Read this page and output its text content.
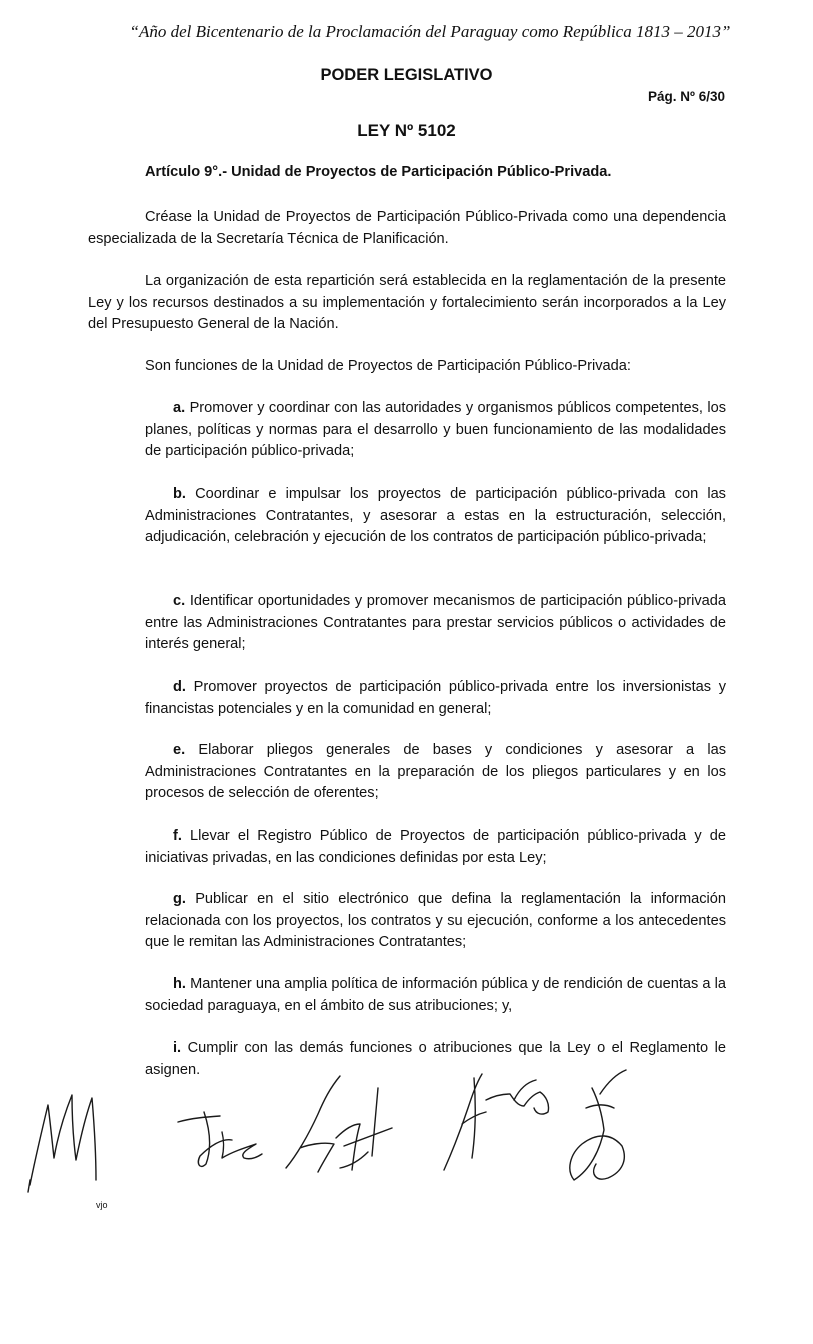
“Año del Bicentenario de la Proclamación del Paraguay como República 1813 – 2013”
PODER LEGISLATIVO
Pág. Nº 6/30
LEY Nº 5102
Artículo 9°.- Unidad de Proyectos de Participación Público-Privada.

Créase la Unidad de Proyectos de Participación Público-Privada como una dependencia especializada de la Secretaría Técnica de Planificación.

La organización de esta repartición será establecida en la reglamentación de la presente Ley y los recursos destinados a su implementación y fortalecimiento serán incorporados a la Ley del Presupuesto General de la Nación.

Son funciones de la Unidad de Proyectos de Participación Público-Privada:

a. Promover y coordinar con las autoridades y organismos públicos competentes, los planes, políticas y normas para el desarrollo y buen funcionamiento de las modalidades de participación público-privada;

b. Coordinar e impulsar los proyectos de participación público-privada con las Administraciones Contratantes, y asesorar a estas en la estructuración, selección, adjudicación, celebración y ejecución de los contratos de participación público-privada;

c. Identificar oportunidades y promover mecanismos de participación público-privada entre las Administraciones Contratantes para prestar servicios públicos o actividades de interés general;

d. Promover proyectos de participación público-privada entre los inversionistas y financistas potenciales y en la comunidad en general;

e. Elaborar pliegos generales de bases y condiciones y asesorar a las Administraciones Contratantes en la preparación de los pliegos particulares y en los procesos de selección de oferentes;

f. Llevar el Registro Público de Proyectos de participación público-privada y de iniciativas privadas, en las condiciones definidas por esta Ley;

g. Publicar en el sitio electrónico que defina la reglamentación la información relacionada con los proyectos, los contratos y su ejecución, conforme a los antecedentes que le remitan las Administraciones Contratantes;

h. Mantener una amplia política de información pública y de rendición de cuentas a la sociedad paraguaya, en el ámbito de sus atribuciones; y,

i. Cumplir con las demás funciones o atribuciones que la Ley o el Reglamento le asignen.

vjo
